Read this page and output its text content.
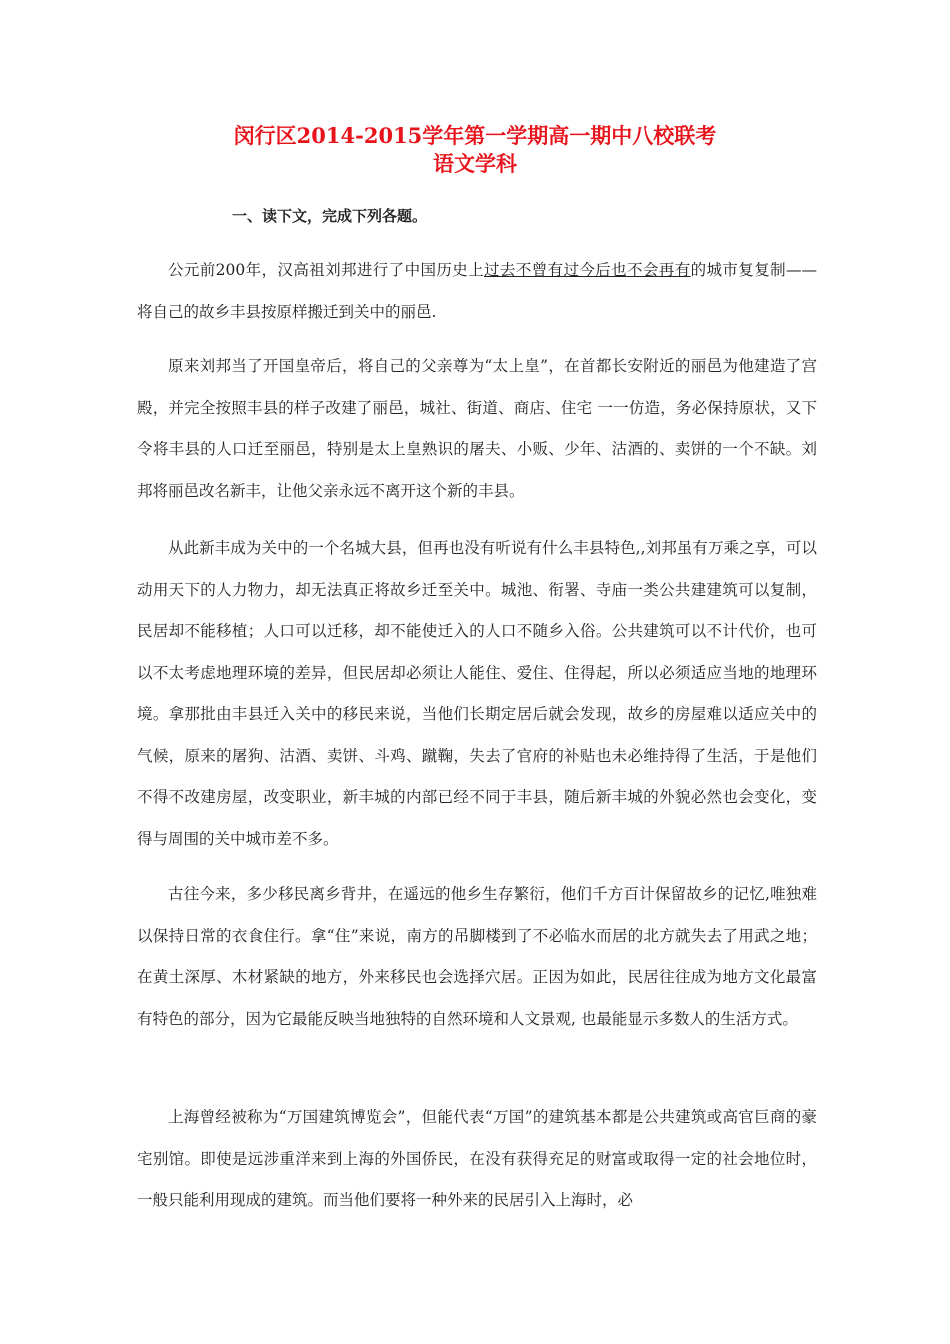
闵行区2014-2015学年第一学期高一期中八校联考
语文学科
一、读下文，完成下列各题。

公元前200年，汉高祖刘邦进行了中国历史上过去不曾有过今后也不会再有的城市复复制——将自己的故乡丰县按原样搬迁到关中的丽邑.

原来刘邦当了开国皇帝后，将自己的父亲尊为“太上皇”，在首都长安附近的丽邑为他建造了宫殿，并完全按照丰县的样子改建了丽邑，城社、街道、商店、住宅 一一仿造，务必保持原状，又下令将丰县的人口迁至丽邑，特别是太上皇熟识的屠夫、小贩、少年、沽酒的、卖饼的一个不缺。刘邦将丽邑改名新丰，让他父亲永远不离开这个新的丰县。

从此新丰成为关中的一个名城大县，但再也没有听说有什么丰县特色,,刘邦虽有万乘之享，可以动用天下的人力物力，却无法真正将故乡迁至关中。城池、衔署、寺庙一类公共建建筑可以复制，民居却不能移植；人口可以迁移，却不能使迁入的人口不随乡入俗。公共建筑可以不计代价，也可以不太考虑地理环境的差异，但民居却必须让人能住、爱住、住得起，所以必须适应当地的地理环境。拿那批由丰县迁入关中的移民来说，当他们长期定居后就会发现，故乡的房屋难以适应关中的气候，原来的屠狗、沽酒、卖饼、斗鸡、蹴鞠，失去了官府的补贴也未必维持得了生活，于是他们不得不改建房屋，改变职业，新丰城的内部已经不同于丰县，随后新丰城的外貌必然也会变化，变得与周围的关中城市差不多。

古往今来，多少移民离乡背井，在遥远的他乡生存繁衍，他们千方百计保留故乡的记忆,唯独难以保持日常的衣食住行。拿“住”来说，南方的吊脚楼到了不必临水而居的北方就失去了用武之地；在黄土深厚、木材紧缺的地方，外来移民也会选择穴居。正因为如此，民居往往成为地方文化最富有特色的部分，因为它最能反映当地独特的自然环境和人文景观, 也最能显示多数人的生活方式。

上海曾经被称为“万国建筑博览会”，但能代表“万国”的建筑基本都是公共建筑或高官巨商的豪宅别馆。即使是远涉重洋来到上海的外国侨民，在没有获得充足的财富或取得一定的社会地位时，一般只能利用现成的建筑。而当他们要将一种外来的民居引入上海时，必
